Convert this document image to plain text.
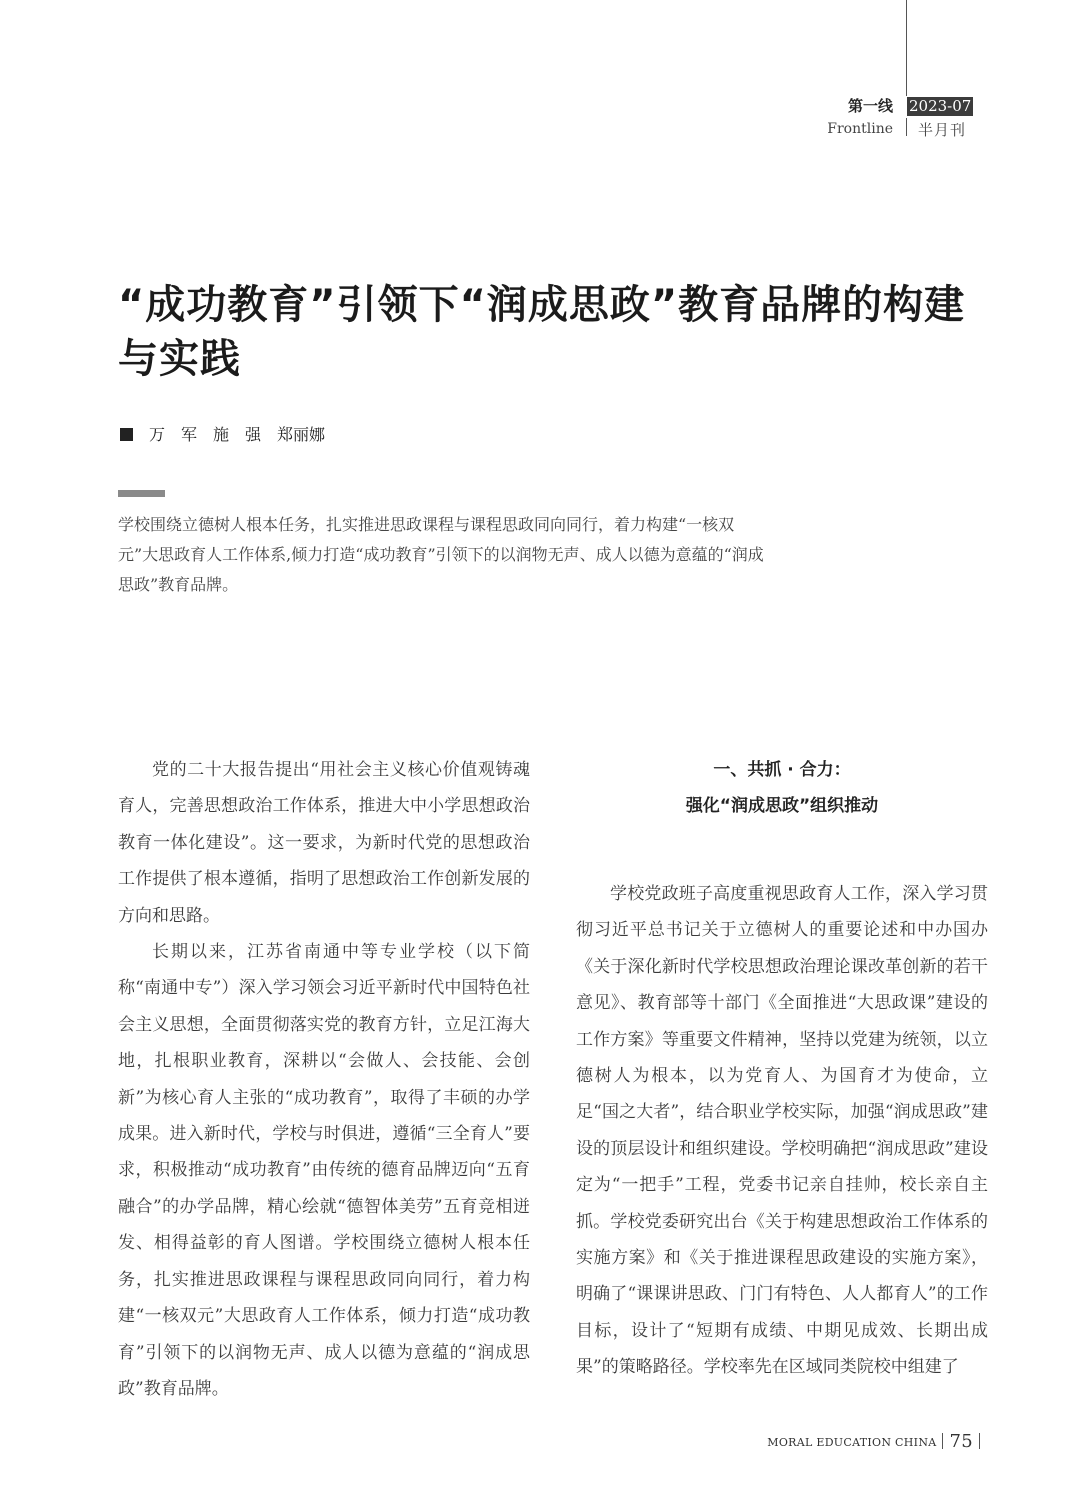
第一线
Frontline
2023-07
半月刊
“成功教育”引领下“润成思政”教育品牌的构建与实践
万　军　施　强　郑丽娜

学校围绕立德树人根本任务，扎实推进思政课程与课程思政同向同行，着力构建“一核双元”大思政育人工作体系,倾力打造“成功教育”引领下的以润物无声、成人以德为意蕴的“润成思政”教育品牌。

党的二十大报告提出“用社会主义核心价值观铸魂育人，完善思想政治工作体系，推进大中小学思想政治教育一体化建设”。这一要求，为新时代党的思想政治工作提供了根本遵循，指明了思想政治工作创新发展的方向和思路。

长期以来，江苏省南通中等专业学校（以下简称“南通中专”）深入学习领会习近平新时代中国特色社会主义思想，全面贯彻落实党的教育方针，立足江海大地，扎根职业教育，深耕以“会做人、会技能、会创新”为核心育人主张的“成功教育”，取得了丰硕的办学成果。进入新时代，学校与时俱进，遵循“三全育人”要求，积极推动“成功教育”由传统的德育品牌迈向“五育融合”的办学品牌，精心绘就“德智体美劳”五育竞相迸发、相得益彰的育人图谱。学校围绕立德树人根本任务，扎实推进思政课程与课程思政同向同行，着力构建“一核双元”大思政育人工作体系，倾力打造“成功教育”引领下的以润物无声、成人以德为意蕴的“润成思政”教育品牌。

一、共抓 · 合力：
强化“润成思政”组织推动

学校党政班子高度重视思政育人工作，深入学习贯彻习近平总书记关于立德树人的重要论述和中办国办《关于深化新时代学校思想政治理论课改革创新的若干意见》、教育部等十部门《全面推进“大思政课”建设的工作方案》等重要文件精神，坚持以党建为统领，以立德树人为根本，以为党育人、为国育才为使命，立足“国之大者”，结合职业学校实际，加强“润成思政”建设的顶层设计和组织建设。学校明确把“润成思政”建设定为“一把手”工程，党委书记亲自挂帅，校长亲自主抓。学校党委研究出台《关于构建思想政治工作体系的实施方案》和《关于推进课程思政建设的实施方案》，明确了“课课讲思政、门门有特色、人人都育人”的工作目标，设计了“短期有成绩、中期见成效、长期出成果”的策略路径。学校率先在区域同类院校中组建了

MORAL EDUCATION CHINA 75
